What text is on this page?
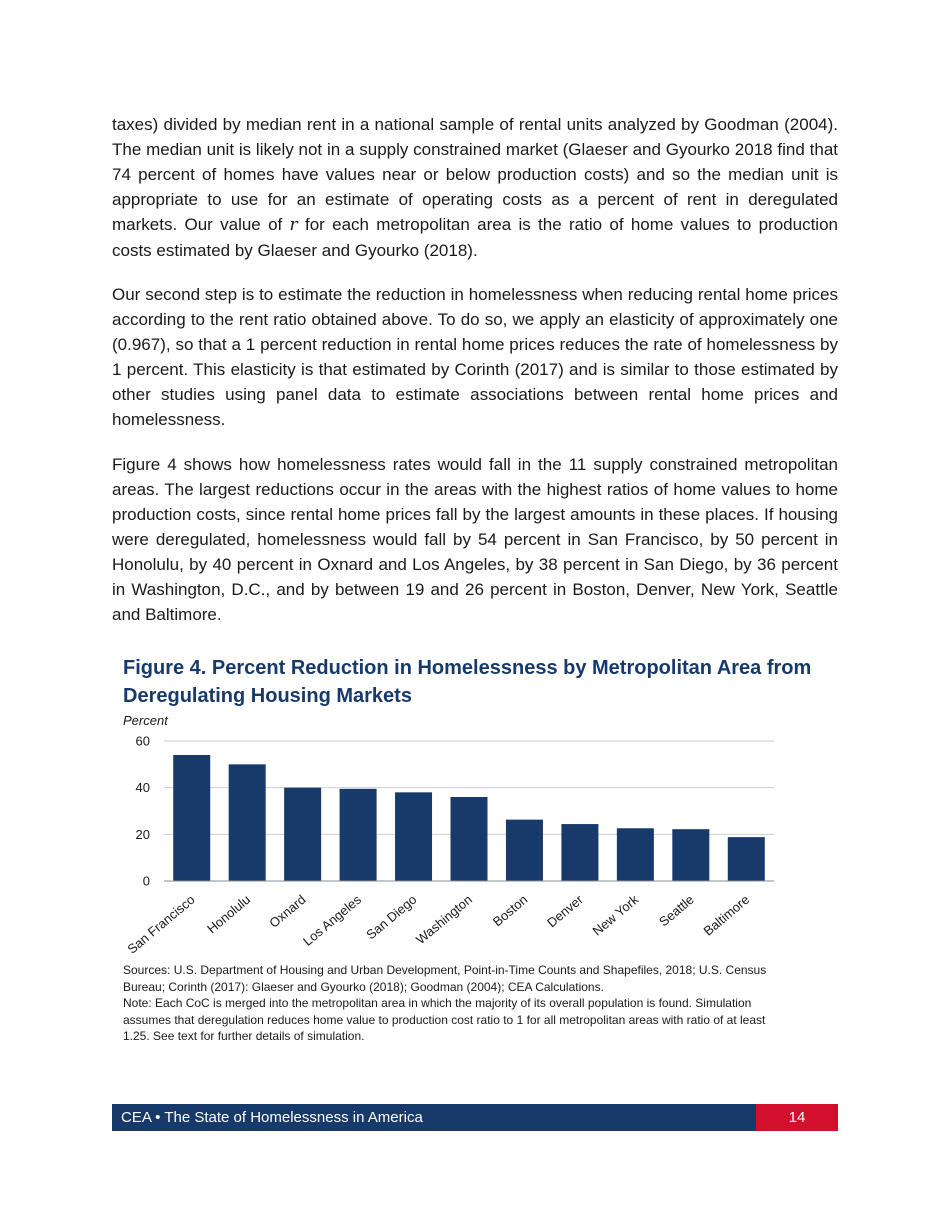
taxes) divided by median rent in a national sample of rental units analyzed by Goodman (2004). The median unit is likely not in a supply constrained market (Glaeser and Gyourko 2018 find that 74 percent of homes have values near or below production costs) and so the median unit is appropriate to use for an estimate of operating costs as a percent of rent in deregulated markets. Our value of r for each metropolitan area is the ratio of home values to production costs estimated by Glaeser and Gyourko (2018).

Our second step is to estimate the reduction in homelessness when reducing rental home prices according to the rent ratio obtained above. To do so, we apply an elasticity of approximately one (0.967), so that a 1 percent reduction in rental home prices reduces the rate of homelessness by 1 percent. This elasticity is that estimated by Corinth (2017) and is similar to those estimated by other studies using panel data to estimate associations between rental home prices and homelessness.

Figure 4 shows how homelessness rates would fall in the 11 supply constrained metropolitan areas. The largest reductions occur in the areas with the highest ratios of home values to home production costs, since rental home prices fall by the largest amounts in these places. If housing were deregulated, homelessness would fall by 54 percent in San Francisco, by 50 percent in Honolulu, by 40 percent in Oxnard and Los Angeles, by 38 percent in San Diego, by 36 percent in Washington, D.C., and by between 19 and 26 percent in Boston, Denver, New York, Seattle and Baltimore.

Figure 4. Percent Reduction in Homelessness by Metropolitan Area from Deregulating Housing Markets
Percent
0
20
40
60
San Francisco Honolulu Oxnard
Los Angeles San Diego
Washington Boston Denver New York Seattle Baltimore
Sources: U.S. Department of Housing and Urban Development, Point-in-Time Counts and Shapefiles, 2018; U.S. Census Bureau; Corinth (2017): Glaeser and Gyourko (2018); Goodman (2004); CEA Calculations.
Note: Each CoC is merged into the metropolitan area in which the majority of its overall population is found. Simulation assumes that deregulation reduces home value to production cost ratio to 1 for all metropolitan areas with ratio of at least 1.25. See text for further details of simulation.
CEA • The State of Homelessness in America	14
